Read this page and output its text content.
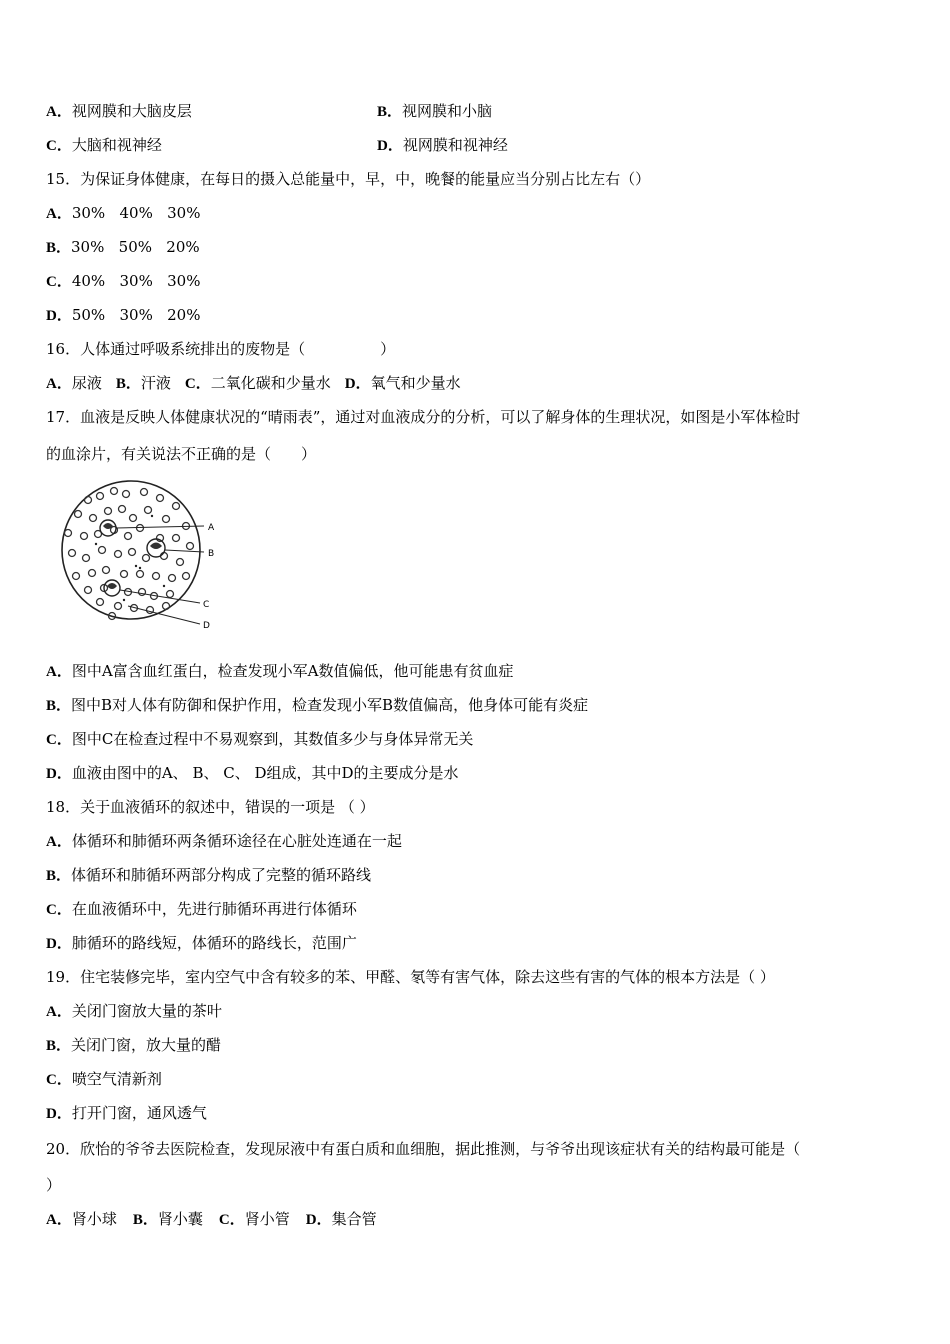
A．视网膜和大脑皮层	B．视网膜和小脑
C．大脑和视神经	D．视网膜和视神经
15．为保证身体健康，在每日的摄入总能量中，早，中，晚餐的能量应当分别占比左右（）
A．30%   40%   30%
B．30%   50%   20%
C．40%   30%   30%
D．50%   30%   20%
16．人体通过呼吸系统排出的废物是（　　　　　）
A．尿液 B．汗液 C．二氧化碳和少量水 D．氧气和少量水
17．血液是反映人体健康状况的“晴雨表”，通过对血液成分的分析，可以了解身体的生理状况，如图是小军体检时
的血涂片，有关说法不正确的是（　　）
A
B
C
D
A．图中A富含血红蛋白，检查发现小军A数值偏低，他可能患有贫血症
B．图中B对人体有防御和保护作用，检查发现小军B数值偏高，他身体可能有炎症
C．图中C在检查过程中不易观察到，其数值多少与身体异常无关
D．血液由图中的A、 B、 C、 D组成，其中D的主要成分是水
18．关于血液循环的叙述中，错误的一项是 （ ）
A．体循环和肺循环两条循环途径在心脏处连通在一起
B．体循环和肺循环两部分构成了完整的循环路线
C．在血液循环中，先进行肺循环再进行体循环
D．肺循环的路线短，体循环的路线长，范围广
19．住宅装修完毕，室内空气中含有较多的苯、甲醛、氡等有害气体，除去这些有害的气体的根本方法是（ ）
A．关闭门窗放大量的茶叶
B．关闭门窗，放大量的醋
C．喷空气清新剂
D．打开门窗，通风透气
20．欣怡的爷爷去医院检查，发现尿液中有蛋白质和血细胞，据此推测，与爷爷出现该症状有关的结构最可能是（
）
A．肾小球 B．肾小囊 C．肾小管 D．集合管
